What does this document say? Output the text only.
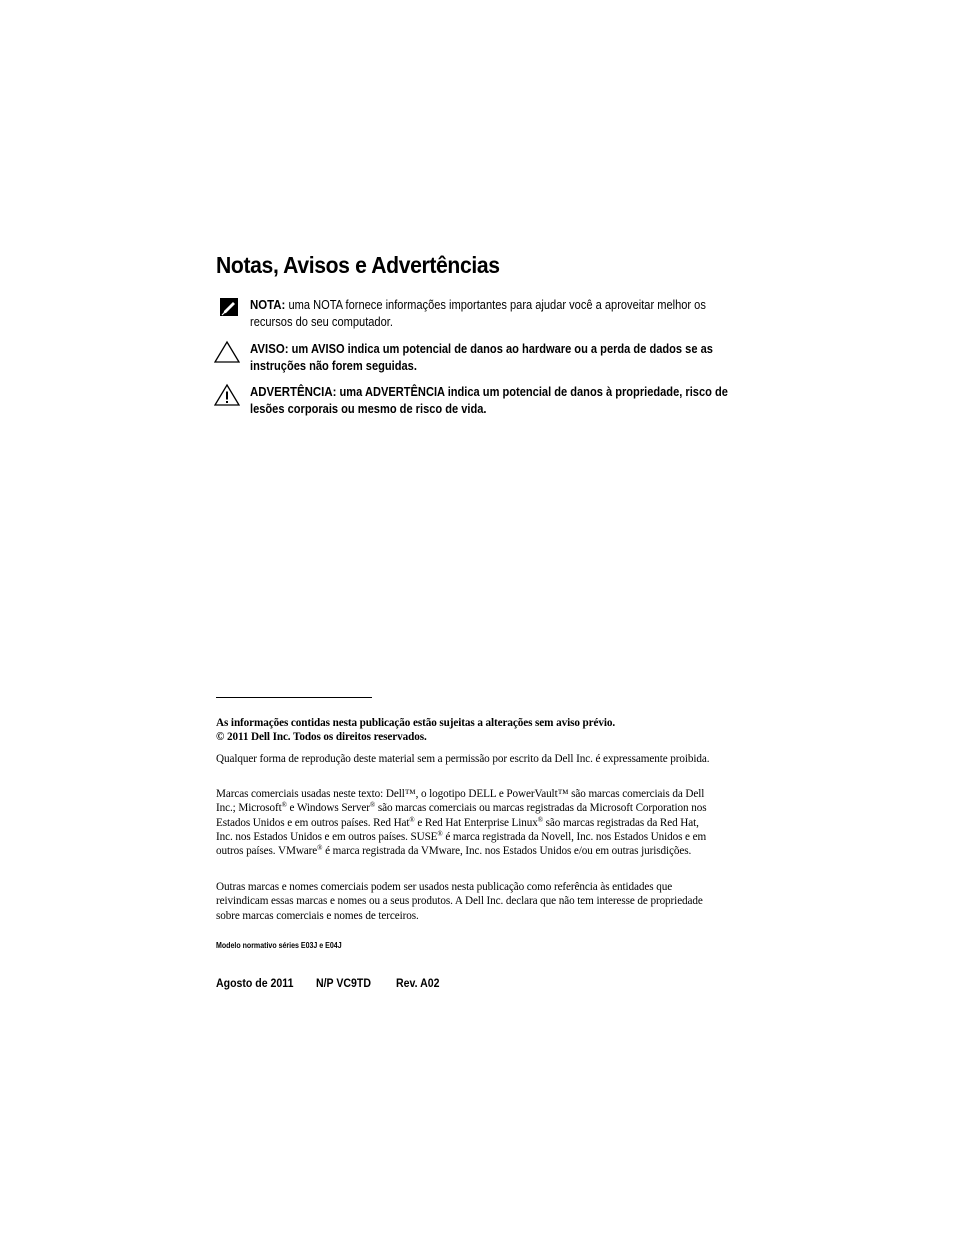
Notas, Avisos e Advertências
NOTA: uma NOTA fornece informações importantes para ajudar você a aproveitar melhor os recursos do seu computador.
AVISO: um AVISO indica um potencial de danos ao hardware ou a perda de dados se as instruções não forem seguidas.
ADVERTÊNCIA: uma ADVERTÊNCIA indica um potencial de danos à propriedade, risco de lesões corporais ou mesmo de risco de vida.

As informações contidas nesta publicação estão sujeitas a alterações sem aviso prévio.

© 2011 Dell Inc. Todos os direitos reservados.

Qualquer forma de reprodução deste material sem a permissão por escrito da Dell Inc. é expressamente proibida.

Marcas comerciais usadas neste texto: Dell™, o logotipo DELL e PowerVault™ são marcas comerciais da Dell Inc.; Microsoft® e Windows Server® são marcas comerciais ou marcas registradas da Microsoft Corporation nos Estados Unidos e em outros países. Red Hat® e Red Hat Enterprise Linux® são marcas registradas da Red Hat, Inc. nos Estados Unidos e em outros países. SUSE® é marca registrada da Novell, Inc. nos Estados Unidos e em outros países. VMware® é marca registrada da VMware, Inc. nos Estados Unidos e/ou em outras jurisdições.

Outras marcas e nomes comerciais podem ser usados nesta publicação como referência às entidades que reivindicam essas marcas e nomes ou a seus produtos. A Dell Inc. declara que não tem interesse de propriedade sobre marcas comerciais e nomes de terceiros.

Modelo normativo séries E03J e E04J
Agosto de 2011 N/P VC9TD Rev. A02
